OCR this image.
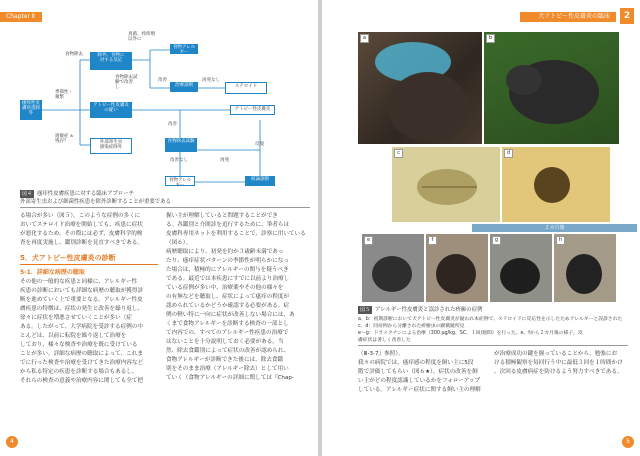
Chapter Ⅱ 臨床編
瘙痒性皮
膚疾患除外
除外、食物に
対する反応
アトピー性皮膚炎
の疑い
外部寄生虫
感染症除外
食物アレルギー
治療診断	ステロイド
アトピー性皮膚炎
食物除去試験
食物アレルギー
結論診断
真菌、痒疹増
以外に
食物除去
食物除去試
験で改善
し
改善	再発なし
季節性・
頻繁
過敏症 ±
残存？
改善
改善なし	再発
反復
図４ 瘙痒性皮膚疾患に対する臨床アプローチ
外部寄生虫および細菌性疾患を除外診断することが重要である

る場合が多い（図５）。このような症例の多くに

おいてステロイド治療を開始しても、疾患に症状

が悪化するため、その際には必ず、皮膚科学的検

査を再度実施し、鑑別診断を見直すべきである。

5．犬アトピー性皮膚炎の診断
5-1．詳細な病歴の聴取

その他の一般的な疾患と同様に、アレルギー性

疾患の診断においても詳細な病歴の聴取が獲得診

断を進めていく上で重要となる。アレルギー性皮

膚疾患の特徴は、症状の発生と改善を繰り返し、

徐々に症状を増悪させていくことが多い（症

ある。したがって、大学病院を受診する症例の中

とんどは、以前に転院を繰り返して治療を

しており、様々な検査や治療を既に受けている

ことが多い。詳細な病歴の聴取によって、これま

でに行った検査や治療を受けてきた治療内容など

から私る特定の疾患を診断する場合もあるし、

それらの検査の意義や治療内容に関しても全て把

握い主が理解していると問題することができ

る。各鑑別と介間診を追行するために、筆者らは

皮膚科専用ネットを利用することで、診察に用いている

（図６）。

病歴聴取により、初発を約か３歳齢未満であっ

たり、瘙痒症状パターンの季節性が明らかになっ

た場合は、積極的にアレルギーの関与を疑うべき

である。最近では本疾患にすでに以前より治療し

ている症例が多い中、治療薬やその他の様々を

の有無などを聴取し、症状によって瘙痒の程度が

認められているかどうか確認する必要がある。症

例の軽い特に一向に症状が改善しない場合には、あ

くまで食物アレルギーを診断する検査の一部とし

て内容での、すべてのアレルギー性疾患の治療で

はないことを十分説明しておく必要がある。当

然、除去食鑑別によって症状の改善が認められ、

食物アレルギーが診断できた後には、除去食鑑

別をそのまま治療（アレルギー除去）として用い

ていく（食物アレルギーの詳細に関しては『Chap-

4
犬アトピー性皮膚炎の臨床	2
a	b
c	d
２カ月後
e	f	g	h
図５ アレルギー性皮膚炎と誤診された疥癬の症例

a、b：初期診断において犬アトピー性皮膚炎が疑われ本症例で、ステロイドに反応性を示したためアレルギーと誤診された

c、d：同症例から分離された疥癬虫の顕微鏡所見

e～g：ドラメクチンによる治療（300 μg/kg、SC、１回/週間）を行った。e、fから２カ月後の様子。皮

膚症状は著しく改善した

（Ⅲ-3-7』参照）。

我々の病院では、瘙痒感の程度を飼い主に5段

階で評価してもらい（図６★）、症状の改善を飼

い主がどの程度認識しているかをフォローアップ

している。アレルギー症状に関する飼い主の理解

が治療成功の鍵を握っていることから、勉強にお

ける積極観察を毎回行う中に最低３回を１時間かけ

、次回る皮膚病症を防けるよう努力すべきである。

5
